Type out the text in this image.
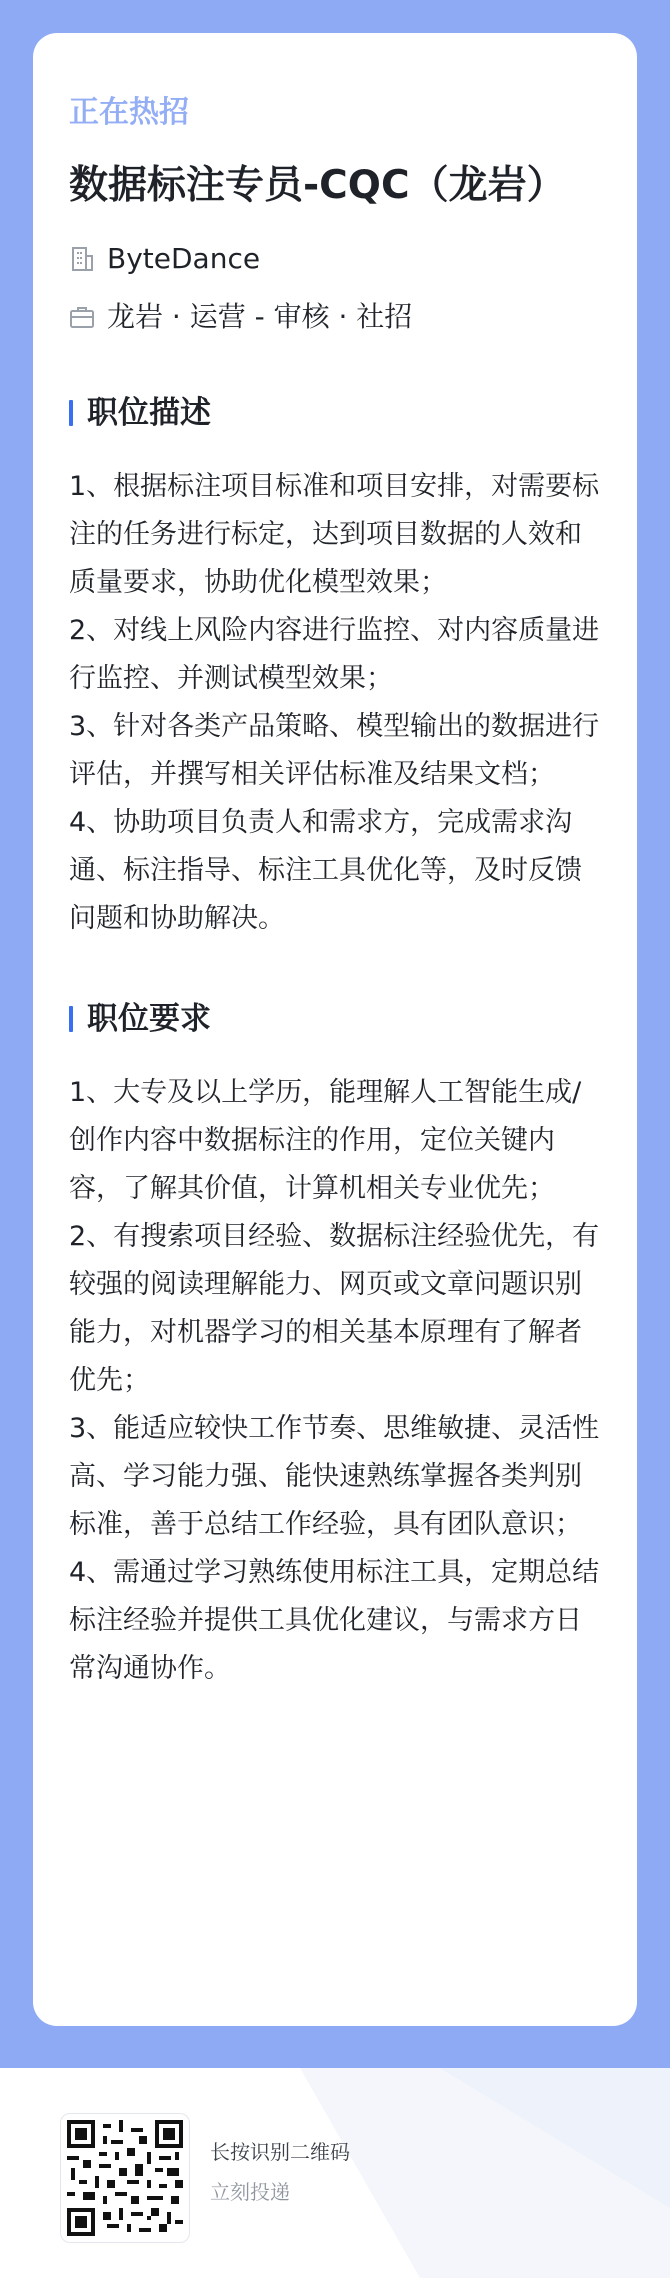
正在热招
数据标注专员-CQC（龙岩）
ByteDance
龙岩 · 运营 - 审核 · 社招
职位描述
1、根据标注项目标准和项目安排，对需要标注的任务进行标定，达到项目数据的人效和质量要求，协助优化模型效果；
2、对线上风险内容进行监控、对内容质量进行监控、并测试模型效果；
3、针对各类产品策略、模型输出的数据进行评估，并撰写相关评估标准及结果文档；
4、协助项目负责人和需求方，完成需求沟通、标注指导、标注工具优化等，及时反馈问题和协助解决。
职位要求
1、大专及以上学历，能理解人工智能生成/创作内容中数据标注的作用，定位关键内容，了解其价值，计算机相关专业优先；
2、有搜索项目经验、数据标注经验优先，有较强的阅读理解能力、网页或文章问题识别能力，对机器学习的相关基本原理有了解者优先；
3、能适应较快工作节奏、思维敏捷、灵活性高、学习能力强、能快速熟练掌握各类判别标准，善于总结工作经验，具有团队意识；
4、需通过学习熟练使用标注工具，定期总结标注经验并提供工具优化建议，与需求方日常沟通协作。
长按识别二维码
立刻投递
